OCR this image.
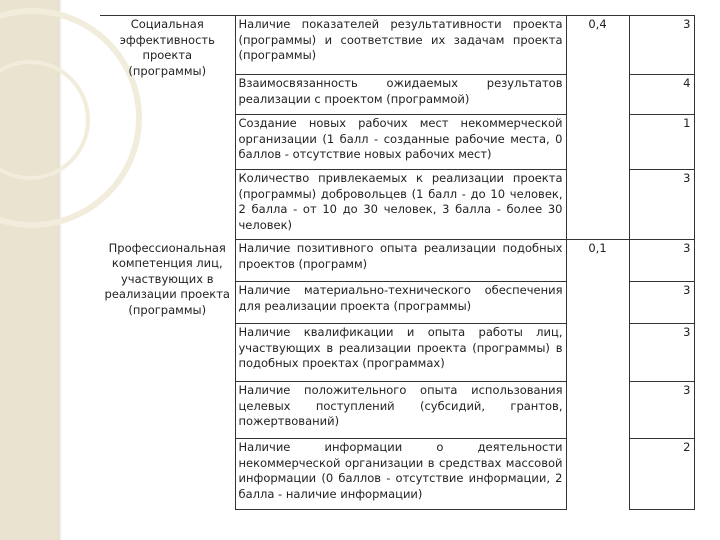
Социальная эффективность проекта (программы)	Наличие показателей результативности проекта (программы) и соответствие их задачам проекта (программы)	0,4	3
	Взаимосвязанность ожидаемых результатов реализации с проектом (программой)		4
	Создание новых рабочих мест некоммерческой организации (1 балл - созданные рабочие места, 0 баллов - отсутствие новых рабочих мест)		1
	Количество привлекаемых к реализации проекта (программы) добровольцев (1 балл - до 10 человек, 2 балла - от 10 до 30 человек, 3 балла - более 30 человек)		3
Профессиональная компетенция лиц, участвующих в реализации проекта (программы)	Наличие позитивного опыта реализации подобных проектов (программ)	0,1	3
	Наличие материально-технического обеспечения для реализации проекта (программы)		3
	Наличие квалификации и опыта работы лиц, участвующих в реализации проекта (программы) в подобных проектах (программах)		3
	Наличие положительного опыта использования целевых поступлений (субсидий, грантов, пожертвований)		3
	Наличие информации о деятельности некоммерческой организации в средствах массовой информации (0 баллов - отсутствие информации, 2 балла - наличие информации)		2
